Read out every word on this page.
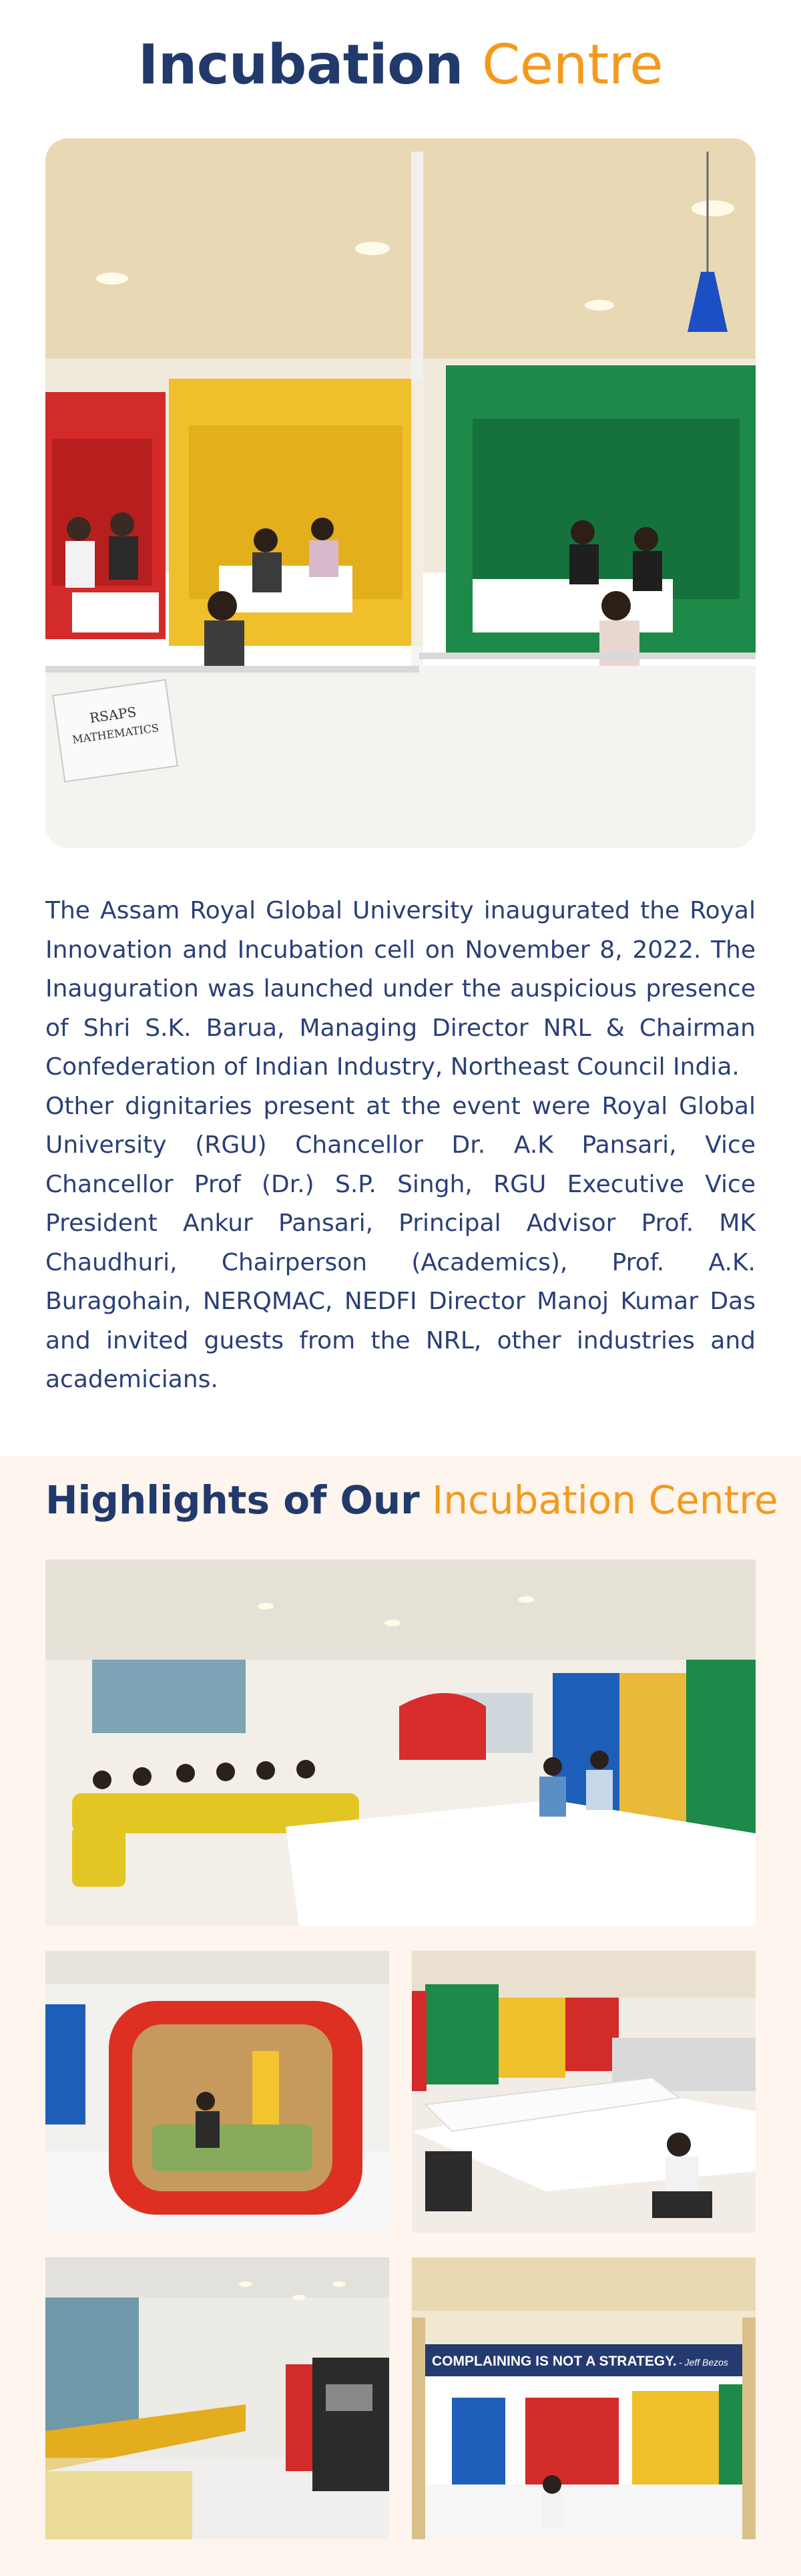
Incubation Centre
RSAPS
MATHEMATICS

The Assam Royal Global University inaugurated the Royal Innovation and Incubation cell on November 8, 2022. The Inauguration was launched under the auspicious presence of Shri S.K. Barua, Managing Director NRL & Chairman Confederation of Indian Industry, Northeast Council India.

Other dignitaries present at the event were Royal Global University (RGU) Chancellor Dr. A.K Pansari, Vice Chancellor Prof (Dr.) S.P. Singh, RGU Executive Vice President Ankur Pansari, Principal Advisor Prof. MK Chaudhuri, Chairperson (Academics), Prof. A.K. Buragohain, NERQMAC, NEDFI Director Manoj Kumar Das and invited guests from the NRL, other industries and academicians.

Highlights of Our Incubation Centre
COMPLAINING IS NOT A STRATEGY. - Jeff Bezos
